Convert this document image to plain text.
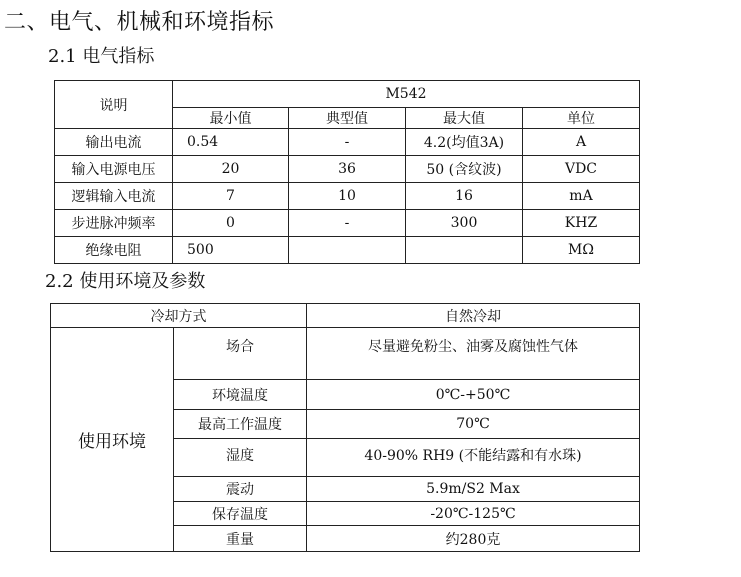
二、电气、机械和环境指标
2.1 电气指标
说明	M542			
	最小值	典型值	最大值	单位
输出电流	0.54	-	4.2(均值3A)	A
输入电源电压	20	36	50 (含纹波)	VDC
逻辑输入电流	7	10	16	mA
步进脉冲频率	0	-	300	KHZ
绝缘电阻	500			MΩ
2.2 使用环境及参数
冷却方式		自然冷却
使用环境	场合	尽量避免粉尘、油雾及腐蚀性气体
	环境温度	0℃-+50℃
	最高工作温度	70℃
	湿度	40-90% RH9 (不能结露和有水珠)
	震动	5.9m/S2 Max
	保存温度	-20℃-125℃
	重量	约280克
